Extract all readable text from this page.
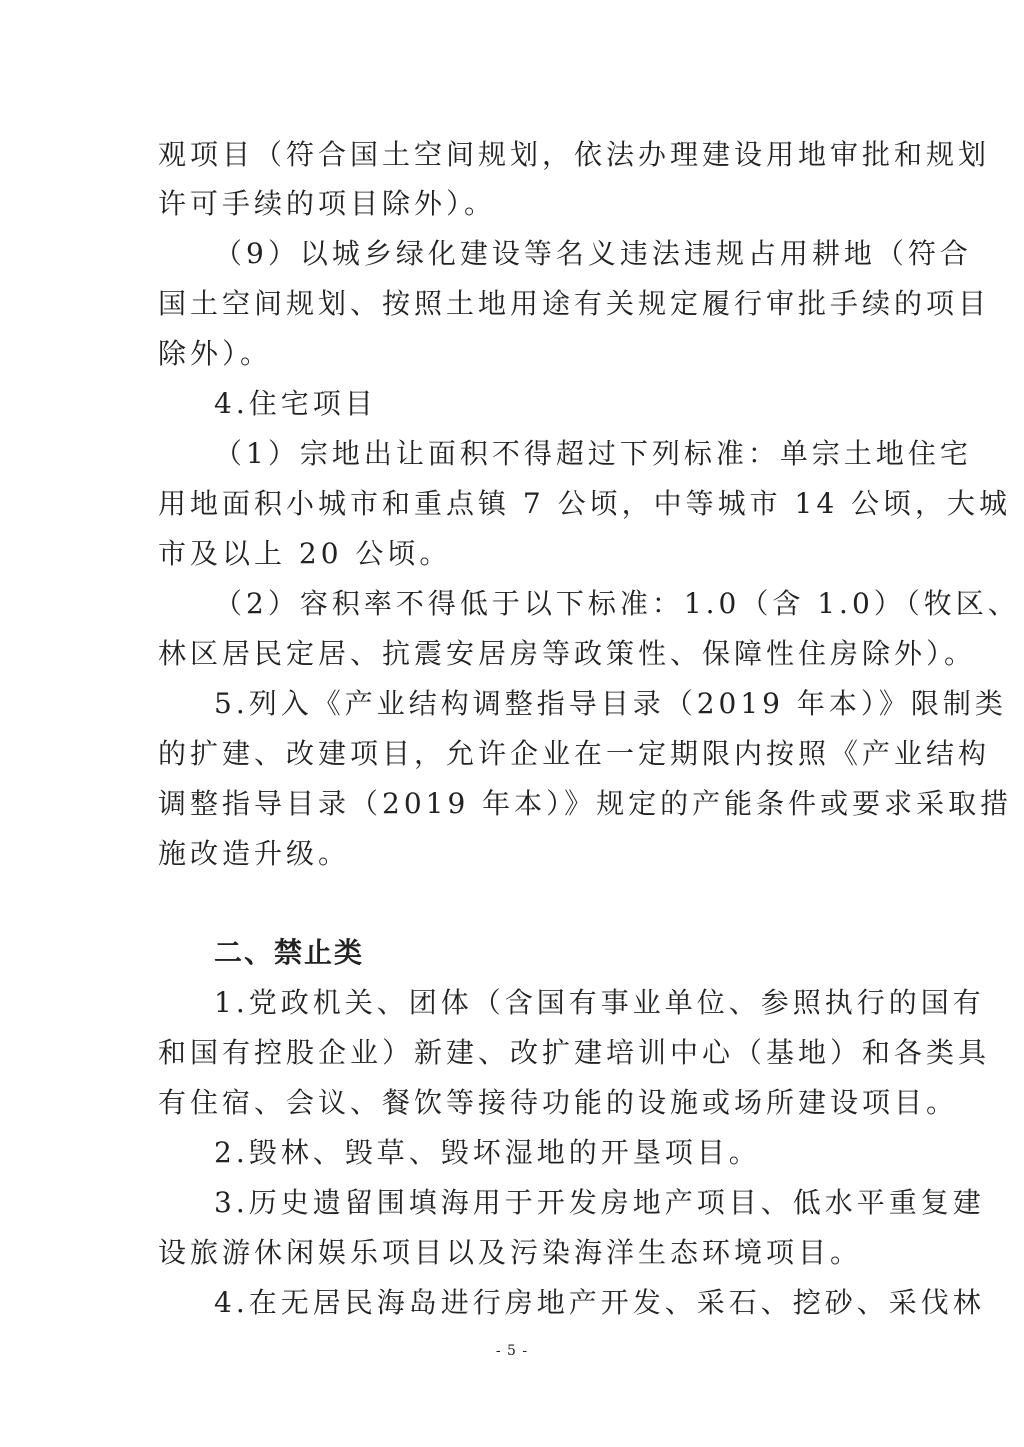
观项目（符合国土空间规划，依法办理建设用地审批和规划
许可手续的项目除外）。
（9）以城乡绿化建设等名义违法违规占用耕地（符合
国土空间规划、按照土地用途有关规定履行审批手续的项目
除外）。
4.住宅项目
（1）宗地出让面积不得超过下列标准：单宗土地住宅
用地面积小城市和重点镇 7 公顷，中等城市 14 公顷，大城
市及以上 20 公顷。
（2）容积率不得低于以下标准：1.0（含 1.0）（牧区、
林区居民定居、抗震安居房等政策性、保障性住房除外）。
5.列入《产业结构调整指导目录（2019 年本）》限制类
的扩建、改建项目，允许企业在一定期限内按照《产业结构
调整指导目录（2019 年本）》规定的产能条件或要求采取措
施改造升级。
二、禁止类
1.党政机关、团体（含国有事业单位、参照执行的国有
和国有控股企业）新建、改扩建培训中心（基地）和各类具
有住宿、会议、餐饮等接待功能的设施或场所建设项目。
2.毁林、毁草、毁坏湿地的开垦项目。
3.历史遗留围填海用于开发房地产项目、低水平重复建
设旅游休闲娱乐项目以及污染海洋生态环境项目。
4.在无居民海岛进行房地产开发、采石、挖砂、采伐林
- 5 -
